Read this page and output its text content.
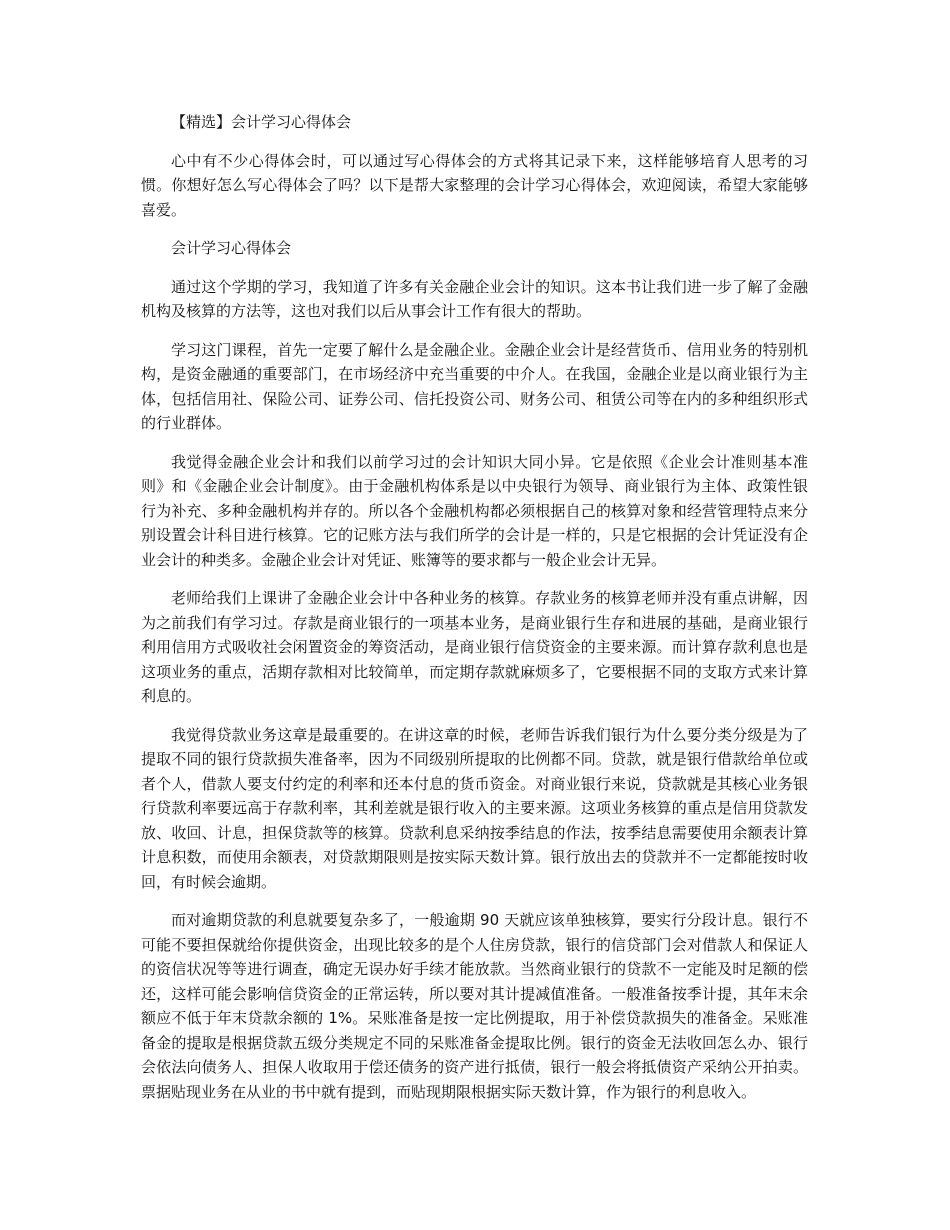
【精选】会计学习心得体会

心中有不少心得体会时，可以通过写心得体会的方式将其记录下来，这样能够培育人思考的习惯。你想好怎么写心得体会了吗？以下是帮大家整理的会计学习心得体会，欢迎阅读，希望大家能够喜爱。

会计学习心得体会

通过这个学期的学习，我知道了许多有关金融企业会计的知识。这本书让我们进一步了解了金融机构及核算的方法等，这也对我们以后从事会计工作有很大的帮助。

学习这门课程，首先一定要了解什么是金融企业。金融企业会计是经营货币、信用业务的特别机构，是资金融通的重要部门，在市场经济中充当重要的中介人。在我国，金融企业是以商业银行为主体，包括信用社、保险公司、证券公司、信托投资公司、财务公司、租赁公司等在内的多种组织形式的行业群体。

我觉得金融企业会计和我们以前学习过的会计知识大同小异。它是依照《企业会计准则基本准则》和《金融企业会计制度》。由于金融机构体系是以中央银行为领导、商业银行为主体、政策性银行为补充、多种金融机构并存的。所以各个金融机构都必须根据自己的核算对象和经营管理特点来分别设置会计科目进行核算。它的记账方法与我们所学的会计是一样的，只是它根据的会计凭证没有企业会计的种类多。金融企业会计对凭证、账簿等的要求都与一般企业会计无异。

老师给我们上课讲了金融企业会计中各种业务的核算。存款业务的核算老师并没有重点讲解，因为之前我们有学习过。存款是商业银行的一项基本业务，是商业银行生存和进展的基础，是商业银行利用信用方式吸收社会闲置资金的筹资活动，是商业银行信贷资金的主要来源。而计算存款利息也是这项业务的重点，活期存款相对比较简单，而定期存款就麻烦多了，它要根据不同的支取方式来计算利息的。

我觉得贷款业务这章是最重要的。在讲这章的时候，老师告诉我们银行为什么要分类分级是为了提取不同的银行贷款损失准备率，因为不同级别所提取的比例都不同。贷款，就是银行借款给单位或者个人，借款人要支付约定的利率和还本付息的货币资金。对商业银行来说，贷款就是其核心业务银行贷款利率要远高于存款利率，其利差就是银行收入的主要来源。这项业务核算的重点是信用贷款发放、收回、计息，担保贷款等的核算。贷款利息采纳按季结息的作法，按季结息需要使用余额表计算计息积数，而使用余额表，对贷款期限则是按实际天数计算。银行放出去的贷款并不一定都能按时收回，有时候会逾期。

而对逾期贷款的利息就要复杂多了，一般逾期 90 天就应该单独核算，要实行分段计息。银行不可能不要担保就给你提供资金，出现比较多的是个人住房贷款，银行的信贷部门会对借款人和保证人的资信状况等等进行调查，确定无误办好手续才能放款。当然商业银行的贷款不一定能及时足额的偿还，这样可能会影响信贷资金的正常运转，所以要对其计提减值准备。一般准备按季计提，其年末余额应不低于年末贷款余额的 1%。呆账准备是按一定比例提取，用于补偿贷款损失的准备金。呆账准备金的提取是根据贷款五级分类规定不同的呆账准备金提取比例。银行的资金无法收回怎么办、银行会依法向债务人、担保人收取用于偿还债务的资产进行抵债，银行一般会将抵债资产采纳公开拍卖。票据贴现业务在从业的书中就有提到，而贴现期限根据实际天数计算，作为银行的利息收入。
